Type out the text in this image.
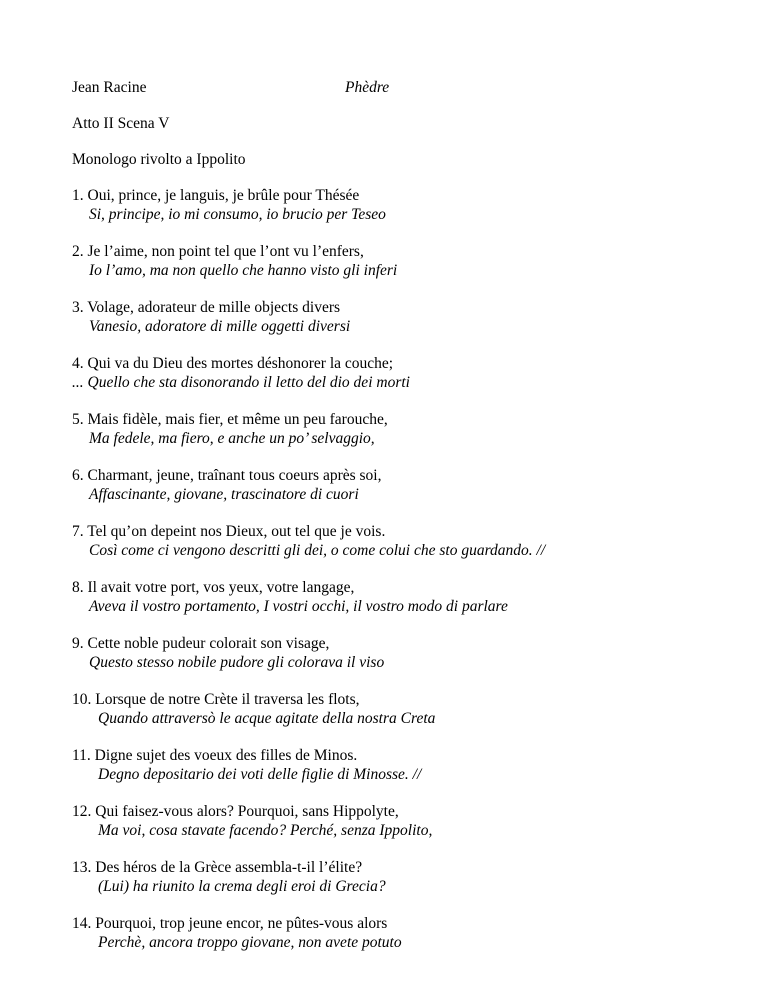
Jean Racine	Phèdre
Atto II Scena V
Monologo rivolto a Ippolito
1. Oui, prince, je languis, je brûle pour Thésée
Si, principe, io mi consumo, io brucio per Teseo
2. Je l’aime, non point tel que l’ont vu l’enfers,
Io l’amo, ma non quello che hanno visto gli inferi
3. Volage, adorateur de mille objects divers
Vanesio, adoratore di mille oggetti diversi
4. Qui va du Dieu des mortes déshonorer la couche;
... Quello che sta disonorando il letto del dio dei morti
5. Mais fidèle, mais fier, et même un peu farouche,
Ma fedele, ma fiero, e anche un po’ selvaggio,
6. Charmant, jeune, traînant tous coeurs après soi,
Affascinante, giovane, trascinatore di cuori
7. Tel qu’on depeint nos Dieux, out tel que je vois.
Così come ci vengono descritti gli dei, o come colui che sto guardando. //
8. Il avait votre port, vos yeux, votre langage,
Aveva il vostro portamento, I vostri occhi, il vostro modo di parlare
9. Cette noble pudeur colorait son visage,
Questo stesso nobile pudore gli colorava il viso
10. Lorsque de notre Crète il traversa les flots,
Quando attraversò le acque agitate della nostra Creta
11. Digne sujet des voeux des filles de Minos.
Degno depositario dei voti delle figlie di Minosse. //
12. Qui faisez-vous alors? Pourquoi, sans Hippolyte,
Ma voi, cosa stavate facendo? Perché, senza Ippolito,
13. Des héros de la Grèce assembla-t-il l’élite?
(Lui) ha riunito la crema degli eroi di Grecia?
14. Pourquoi, trop jeune encor, ne pûtes-vous alors
Perchè, ancora troppo giovane, non avete potuto
